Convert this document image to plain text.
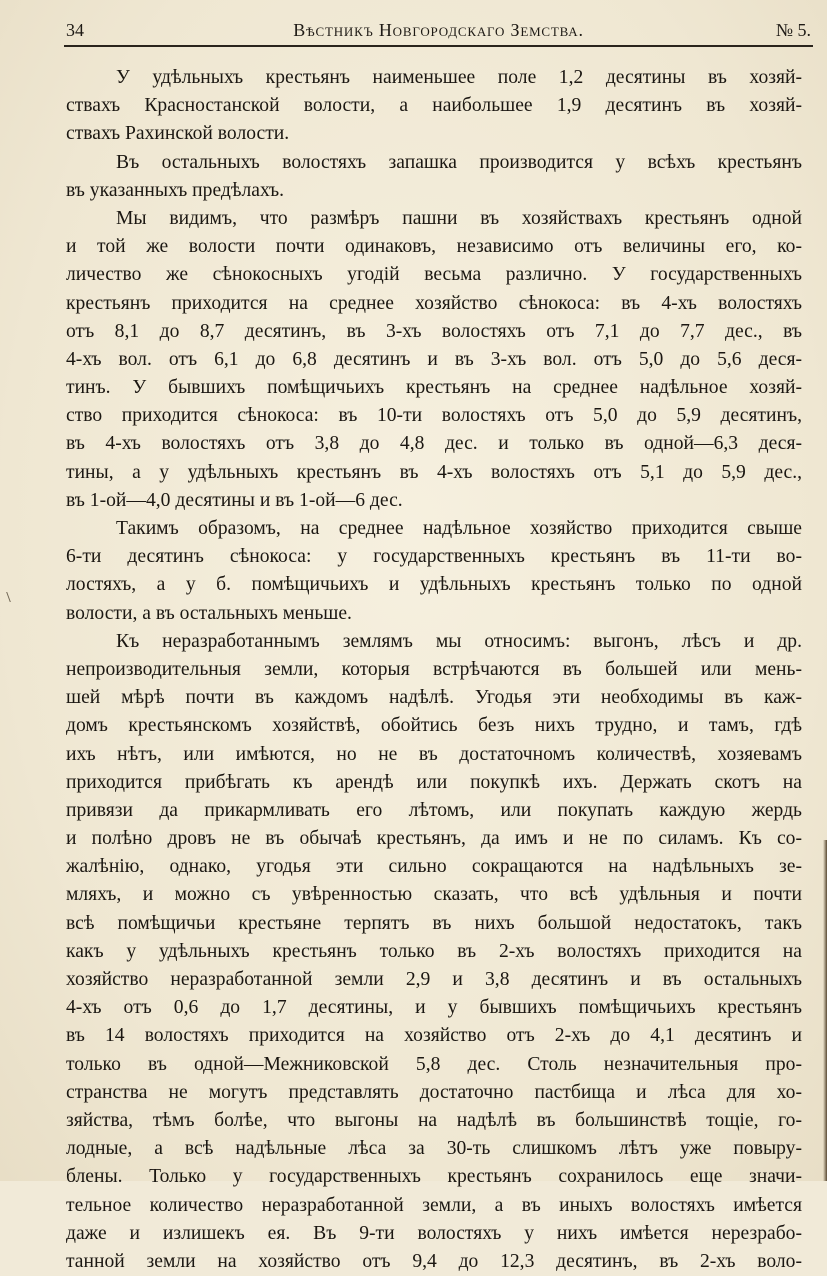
34	Вѣстникъ Новгородскаго Земства.	№ 5.
У удѣльныхъ крестьянъ наименьшее поле 1,2 десятины въ хозяй-
ствахъ Красностанской волости, а наибольшее 1,9 десятинъ въ хозяй-
ствахъ Рахинской волости.
Въ остальныхъ волостяхъ запашка производится у всѣхъ крестьянъ
въ указанныхъ предѣлахъ.
Мы видимъ, что размѣръ пашни въ хозяйствахъ крестьянъ одной
и той же волости почти одинаковъ, независимо отъ величины его, ко-
личество же сѣнокосныхъ угодій весьма различно. У государственныхъ
крестьянъ приходится на среднее хозяйство сѣнокоса: въ 4-хъ волостяхъ
отъ 8,1 до 8,7 десятинъ, въ 3-хъ волостяхъ отъ 7,1 до 7,7 дес., въ
4-хъ вол. отъ 6,1 до 6,8 десятинъ и въ 3-хъ вол. отъ 5,0 до 5,6 деся-
тинъ. У бывшихъ помѣщичьихъ крестьянъ на среднее надѣльное хозяй-
ство приходится сѣнокоса: въ 10-ти волостяхъ отъ 5,0 до 5,9 десятинъ,
въ 4-хъ волостяхъ отъ 3,8 до 4,8 дес. и только въ одной—6,3 деся-
тины, а у удѣльныхъ крестьянъ въ 4-хъ волостяхъ отъ 5,1 до 5,9 дес.,
въ 1-ой—4,0 десятины и въ 1-ой—6 дес.
Такимъ образомъ, на среднее надѣльное хозяйство приходится свыше
6-ти десятинъ сѣнокоса: у государственныхъ крестьянъ въ 11-ти во-
лостяхъ, а у б. помѣщичьихъ и удѣльныхъ крестьянъ только по одной
волости, а въ остальныхъ меньше.
Къ неразработаннымъ землямъ мы относимъ: выгонъ, лѣсъ и др.
непроизводительныя земли, которыя встрѣчаются въ большей или мень-
шей мѣрѣ почти въ каждомъ надѣлѣ. Угодья эти необходимы въ каж-
домъ крестьянскомъ хозяйствѣ, обойтись безъ нихъ трудно, и тамъ, гдѣ
ихъ нѣтъ, или имѣются, но не въ достаточномъ количествѣ, хозяевамъ
приходится прибѣгать къ арендѣ или покупкѣ ихъ. Держать скотъ на
привязи да прикармливать его лѣтомъ, или покупать каждую жердь
и полѣно дровъ не въ обычаѣ крестьянъ, да имъ и не по силамъ. Къ со-
жалѣнію, однако, угодья эти сильно сокращаются на надѣльныхъ зе-
мляхъ, и можно съ увѣренностью сказать, что всѣ удѣльныя и почти
всѣ помѣщичьи крестьяне терпятъ въ нихъ большой недостатокъ, такъ
какъ у удѣльныхъ крестьянъ только въ 2-хъ волостяхъ приходится на
хозяйство неразработанной земли 2,9 и 3,8 десятинъ и въ остальныхъ
4-хъ отъ 0,6 до 1,7 десятины, и у бывшихъ помѣщичьихъ крестьянъ
въ 14 волостяхъ приходится на хозяйство отъ 2-хъ до 4,1 десятинъ и
только въ одной—Межниковской 5,8 дес. Столь незначительныя про-
странства не могутъ представлять достаточно пастбища и лѣса для хо-
зяйства, тѣмъ болѣе, что выгоны на надѣлѣ въ большинствѣ тощіе, го-
лодные, а всѣ надѣльные лѣса за 30-ть слишкомъ лѣтъ уже повыру-
блены. Только у государственныхъ крестьянъ сохранилось еще значи-
тельное количество неразработанной земли, а въ иныхъ волостяхъ имѣется
даже и излишекъ ея. Въ 9-ти волостяхъ у нихъ имѣется нерезрабо-
танной земли на хозяйство отъ 9,4 до 12,3 десятинъ, въ 2-хъ воло-
